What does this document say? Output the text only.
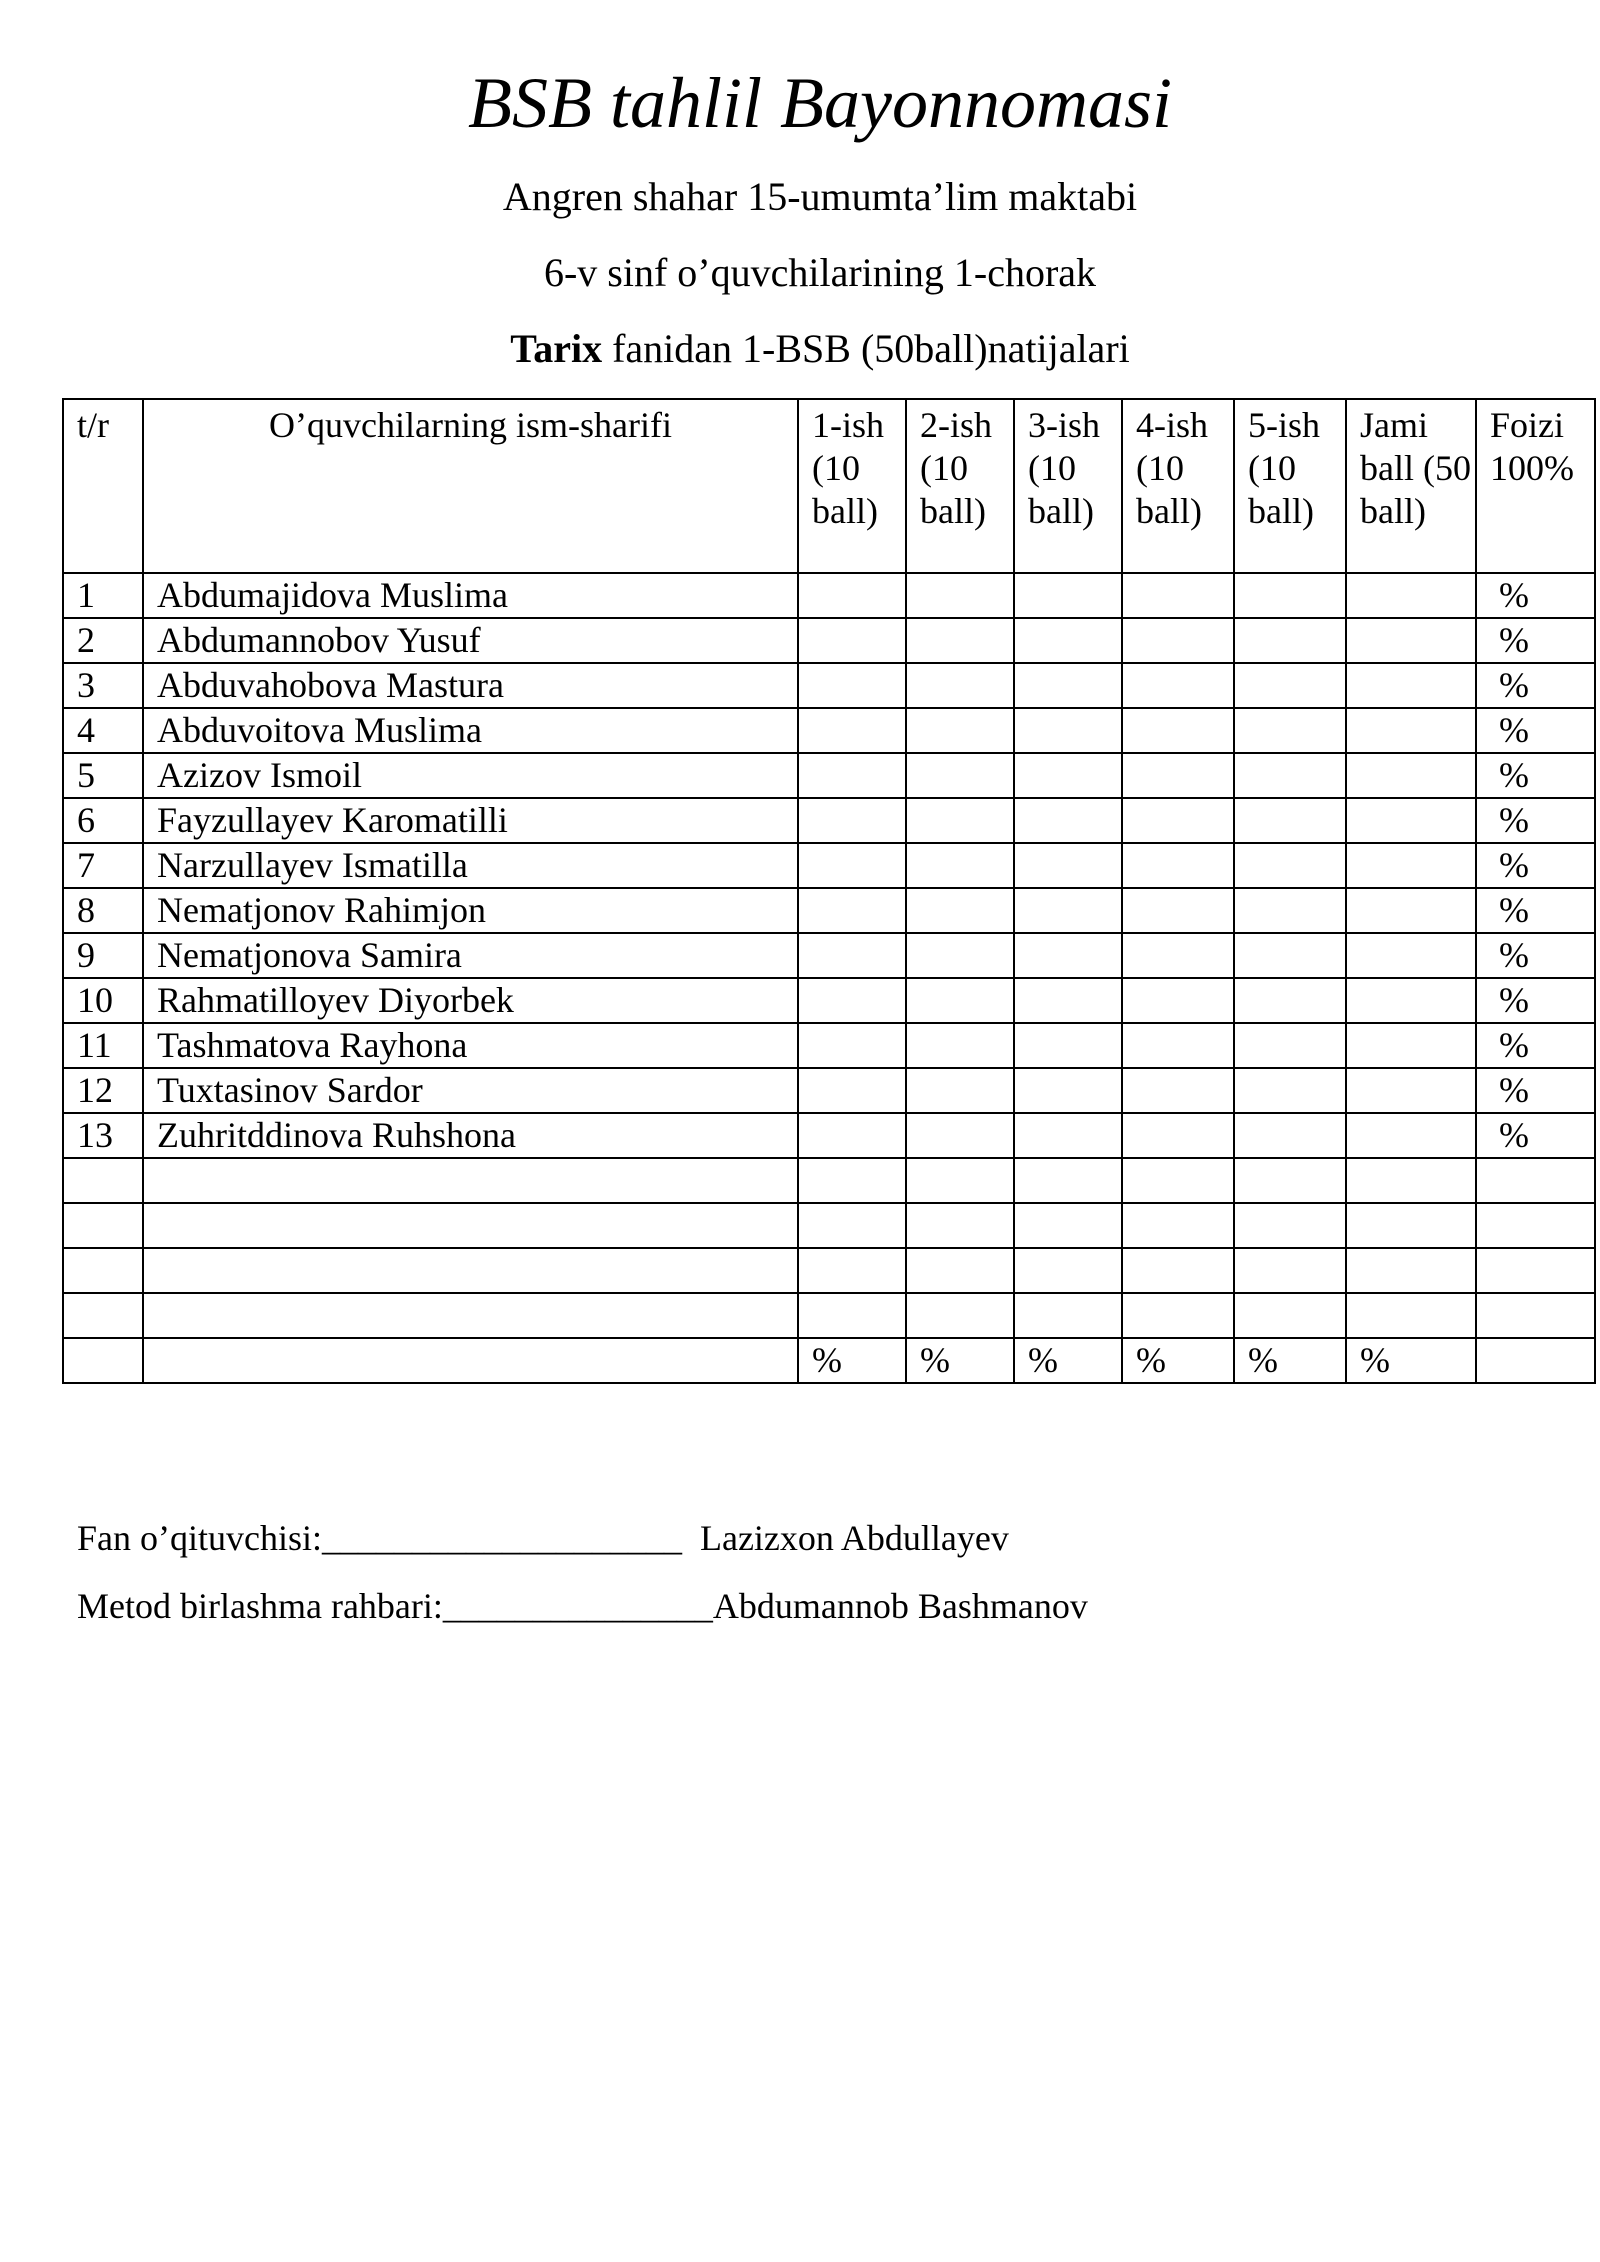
BSB tahlil Bayonnomasi
Angren shahar 15-umumta’lim maktabi
6-v sinf o’quvchilarining 1-chorak
Tarix fanidan 1-BSB (50ball)natijalari
t/r	O’quvchilarning ism-sharifi	1-ish (10 ball)	2-ish (10 ball)	3-ish (10 ball)	4-ish (10 ball)	5-ish (10 ball)	Jami ball (50 ball)	Foizi 100%
1	Abdumajidova Muslima							%
2	Abdumannobov Yusuf							%
3	Abduvahobova Mastura							%
4	Abduvoitova Muslima							%
5	Azizov Ismoil							%
6	Fayzullayev Karomatilli							%
7	Narzullayev Ismatilla							%
8	Nematjonov Rahimjon							%
9	Nematjonova Samira							%
10	Rahmatilloyev Diyorbek							%
11	Tashmatova Rayhona							%
12	Tuxtasinov Sardor							%
13	Zuhritddinova Ruhshona							%

		%	%	%	%	%	%	
Fan o’qituvchisi:____________________  Lazizxon Abdullayev
Metod birlashma rahbari:_______________Abdumannob Bashmanov
